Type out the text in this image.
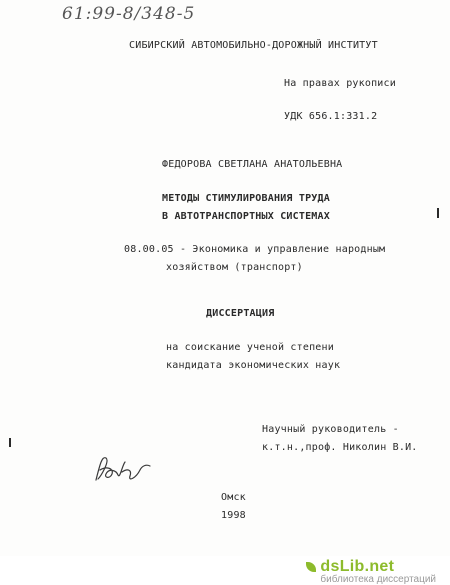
61:99-8/348-5
СИБИРСКИЙ АВТОМОБИЛЬНО-ДОРОЖНЫЙ ИНСТИТУТ
На правах рукописи
УДК 656.1:331.2
ФЕДОРОВА СВЕТЛАНА АНАТОЛЬЕВНА
МЕТОДЫ СТИМУЛИРОВАНИЯ ТРУДА
В АВТОТРАНСПОРТНЫХ СИСТЕМАХ
08.00.05 - Экономика и управление народным
хозяйством (транспорт)
ДИССЕРТАЦИЯ
на соискание ученой степени
кандидата экономических наук
Научный руководитель -
к.т.н.,проф. Николин В.И.
Омск
1998
dsLib.net
библиотека диссертаций
